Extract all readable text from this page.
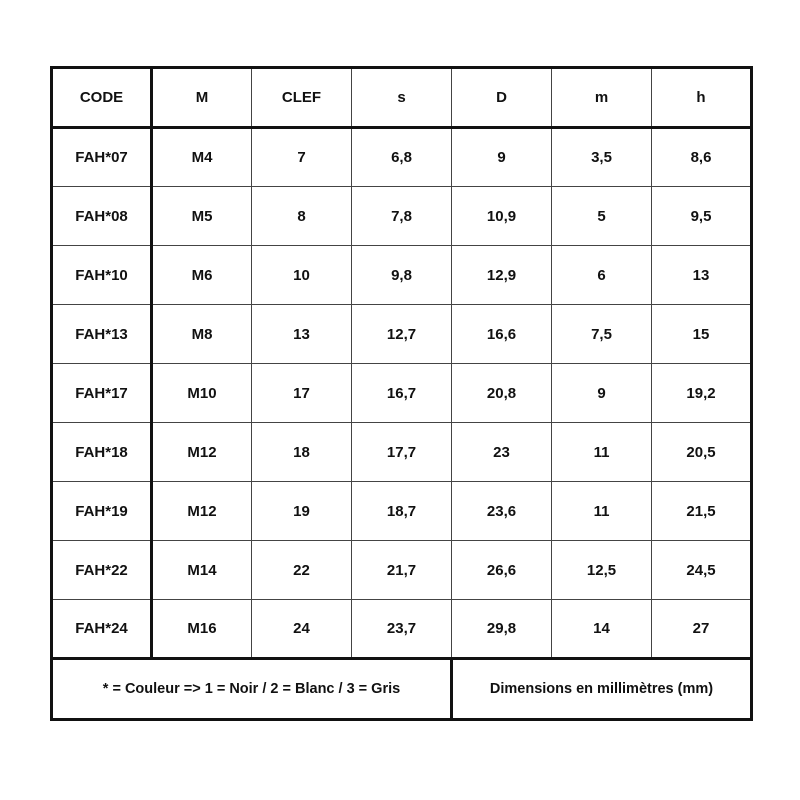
CODE	M	CLEF	s	D	m	h
FAH*07	M4	7	6,8	9	3,5	8,6
FAH*08	M5	8	7,8	10,9	5	9,5
FAH*10	M6	10	9,8	12,9	6	13
FAH*13	M8	13	12,7	16,6	7,5	15
FAH*17	M10	17	16,7	20,8	9	19,2
FAH*18	M12	18	17,7	23	11	20,5
FAH*19	M12	19	18,7	23,6	11	21,5
FAH*22	M14	22	21,7	26,6	12,5	24,5
FAH*24	M16	24	23,7	29,8	14	27
* = Couleur => 1 = Noir / 2 = Blanc / 3 = Gris				Dimensions en millimètres (mm)		
